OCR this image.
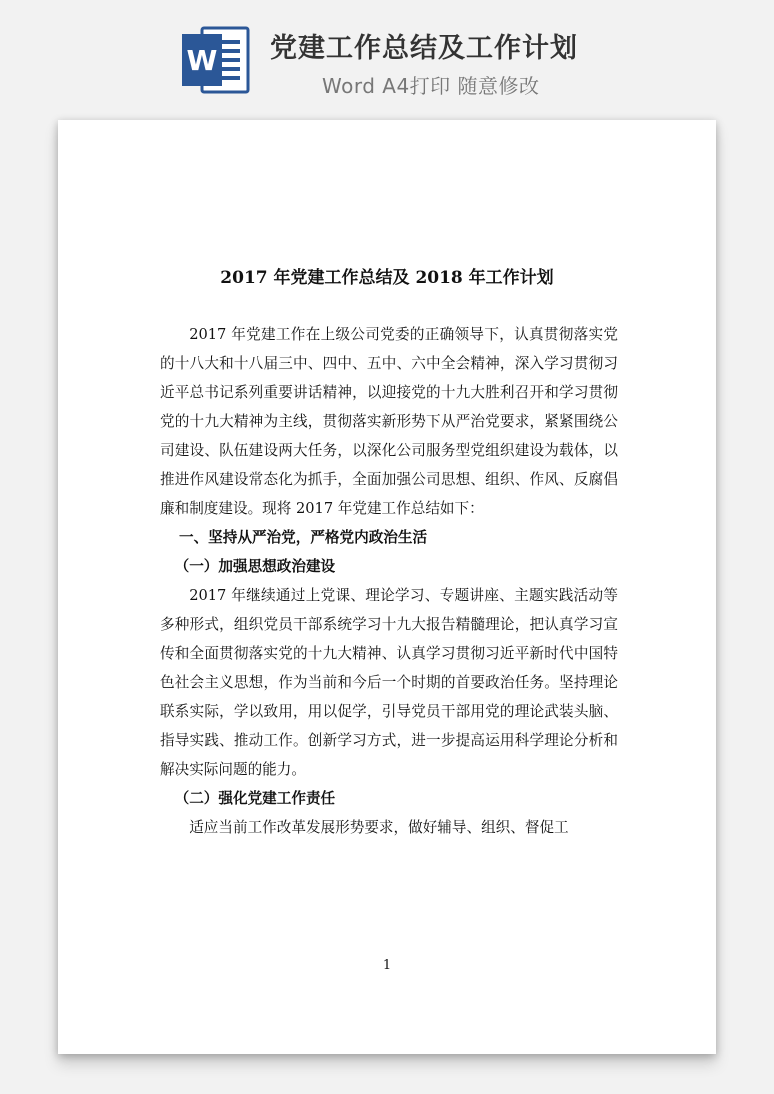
W 党建工作总结及工作计划
Word A4打印 随意修改
2017 年党建工作总结及 2018 年工作计划

2017 年党建工作在上级公司党委的正确领导下，认真贯彻落实党的十八大和十八届三中、四中、五中、六中全会精神，深入学习贯彻习近平总书记系列重要讲话精神，以迎接党的十九大胜利召开和学习贯彻党的十九大精神为主线，贯彻落实新形势下从严治党要求，紧紧围绕公司建设、队伍建设两大任务，以深化公司服务型党组织建设为载体，以推进作风建设常态化为抓手，全面加强公司思想、组织、作风、反腐倡廉和制度建设。现将 2017 年党建工作总结如下：

一、坚持从严治党，严格党内政治生活

（一）加强思想政治建设

2017 年继续通过上党课、理论学习、专题讲座、主题实践活动等多种形式，组织党员干部系统学习十九大报告精髓理论，把认真学习宣传和全面贯彻落实党的十九大精神、认真学习贯彻习近平新时代中国特色社会主义思想，作为当前和今后一个时期的首要政治任务。坚持理论联系实际，学以致用，用以促学，引导党员干部用党的理论武装头脑、指导实践、推动工作。创新学习方式，进一步提高运用科学理论分析和解决实际问题的能力。

（二）强化党建工作责任

适应当前工作改革发展形势要求，做好辅导、组织、督促工

1
